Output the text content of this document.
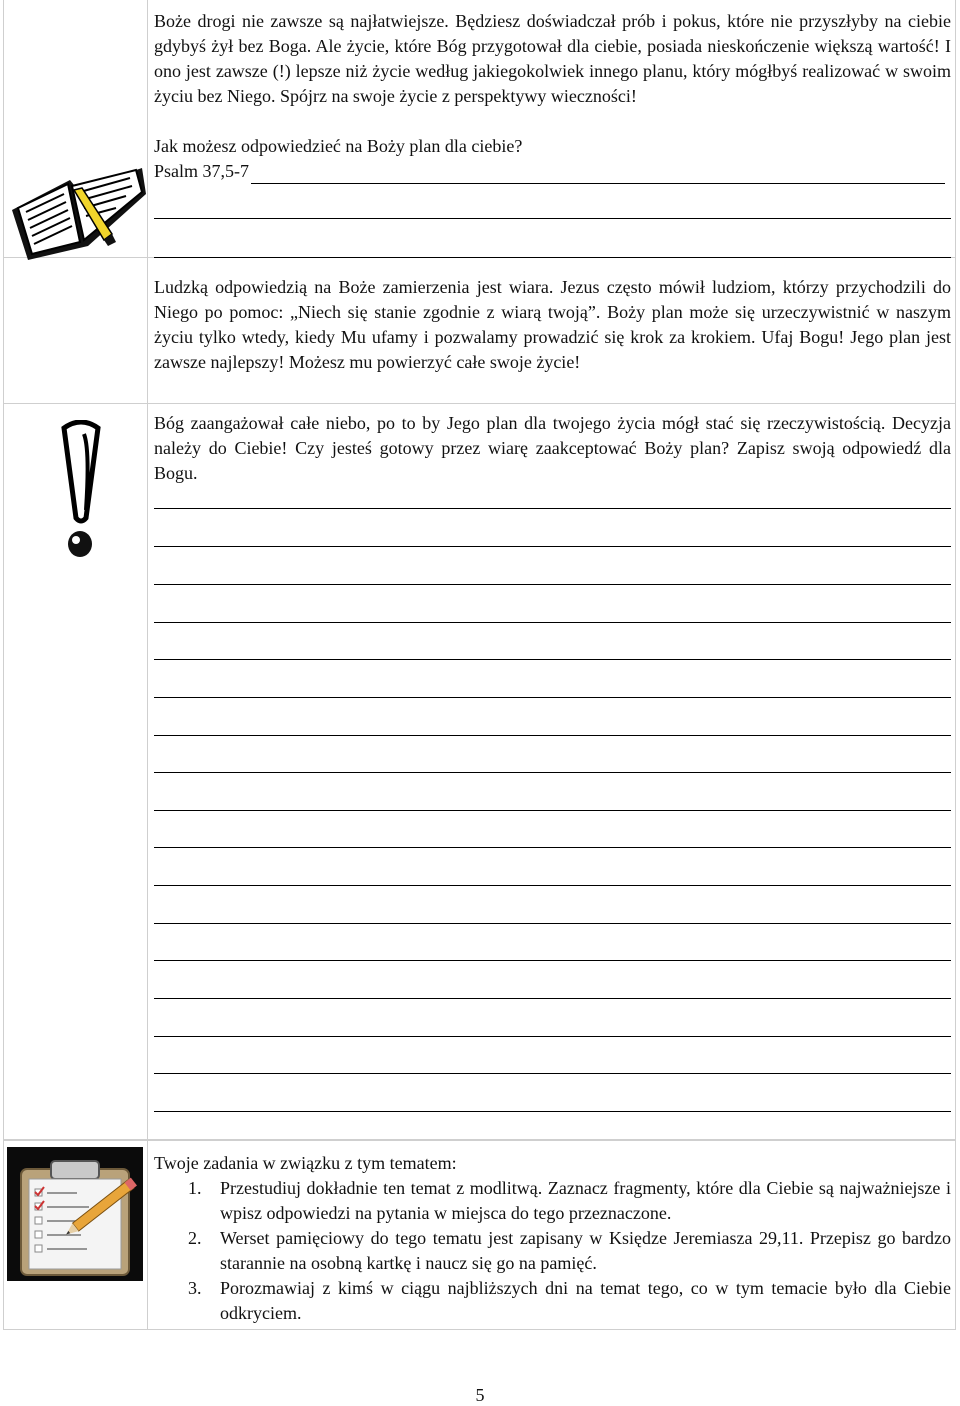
Boże drogi nie zawsze są najłatwiejsze. Będziesz doświadczał prób i pokus, które nie przyszłyby na ciebie gdybyś żył bez Boga. Ale życie, które Bóg przygotował dla ciebie, posiada nieskończenie większą wartość! I ono jest zawsze (!) lepsze niż życie według jakiegokolwiek innego planu, który mógłbyś realizować w swoim życiu bez Niego. Spójrz na swoje życie z perspektywy wieczności!

Jak możesz odpowiedzieć na Boży plan dla ciebie?

Psalm 37,5-7

Ludzką odpowiedzią na Boże zamierzenia jest wiara. Jezus często mówił ludziom, którzy przychodzili do Niego po pomoc: „Niech się stanie zgodnie z wiarą twoją”. Boży plan może się urzeczywistnić w naszym życiu tylko wtedy, kiedy Mu ufamy i pozwalamy prowadzić się krok za krokiem. Ufaj Bogu! Jego plan jest zawsze najlepszy! Możesz mu powierzyć całe swoje życie!

Bóg zaangażował całe niebo, po to by Jego plan dla twojego życia mógł stać się rzeczywistością. Decyzja należy do Ciebie! Czy jesteś gotowy przez wiarę zaakceptować Boży plan? Zapisz swoją odpowiedź dla Bogu.

Twoje zadania w związku z tym tematem:

1. Przestudiuj dokładnie ten temat z modlitwą. Zaznacz fragmenty, które dla Ciebie są najważniejsze i wpisz odpowiedzi na pytania w miejsca do tego przeznaczone.
2. Werset pamięciowy do tego tematu jest zapisany w Księdze Jeremiasza 29,11. Przepisz go bardzo starannie na osobną kartkę i naucz się go na pamięć.
3. Porozmawiaj z kimś w ciągu najbliższych dni na temat tego, co w tym temacie było dla Ciebie odkryciem.
5
